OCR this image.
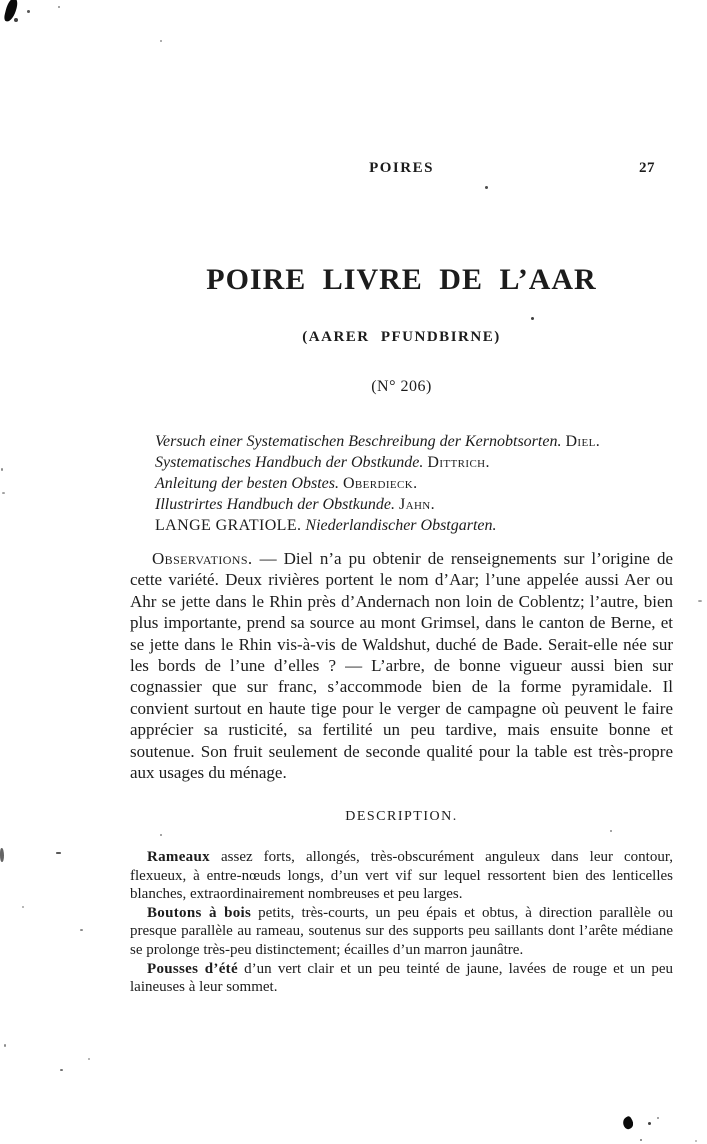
POIRES	27
POIRE LIVRE DE L’AAR
(AARER PFUNDBIRNE)
(N° 206)
Versuch einer Systematischen Beschreibung der Kernobtsorten. Diel.
Systematisches Handbuch der Obstkunde. Dittrich.
Anleitung der besten Obstes. Oberdieck.
Illustrirtes Handbuch der Obstkunde. Jahn.
LANGE GRATIOLE. Niederlandischer Obstgarten.

Observations. — Diel n’a pu obtenir de renseignements sur l’origine de cette variété. Deux rivières portent le nom d’Aar; l’une appelée aussi Aer ou Ahr se jette dans le Rhin près d’Andernach non loin de Coblentz; l’autre, bien plus importante, prend sa source au mont Grimsel, dans le canton de Berne, et se jette dans le Rhin vis-à-vis de Waldshut, duché de Bade. Serait-elle née sur les bords de l’une d’elles ? — L’arbre, de bonne vigueur aussi bien sur cognassier que sur franc, s’accommode bien de la forme pyramidale. Il convient surtout en haute tige pour le verger de campagne où peuvent le faire apprécier sa rusticité, sa fertilité un peu tardive, mais ensuite bonne et soutenue. Son fruit seulement de seconde qualité pour la table est très-propre aux usages du ménage.

DESCRIPTION.

Rameaux assez forts, allongés, très-obscurément anguleux dans leur contour, flexueux, à entre-nœuds longs, d’un vert vif sur lequel ressortent bien des lenticelles blanches, extraordinairement nombreuses et peu larges.

Boutons à bois petits, très-courts, un peu épais et obtus, à direction parallèle ou presque parallèle au rameau, soutenus sur des supports peu saillants dont l’arête médiane se prolonge très-peu distinctement; écailles d’un marron jaunâtre.

Pousses d’été d’un vert clair et un peu teinté de jaune, lavées de rouge et un peu laineuses à leur sommet.
